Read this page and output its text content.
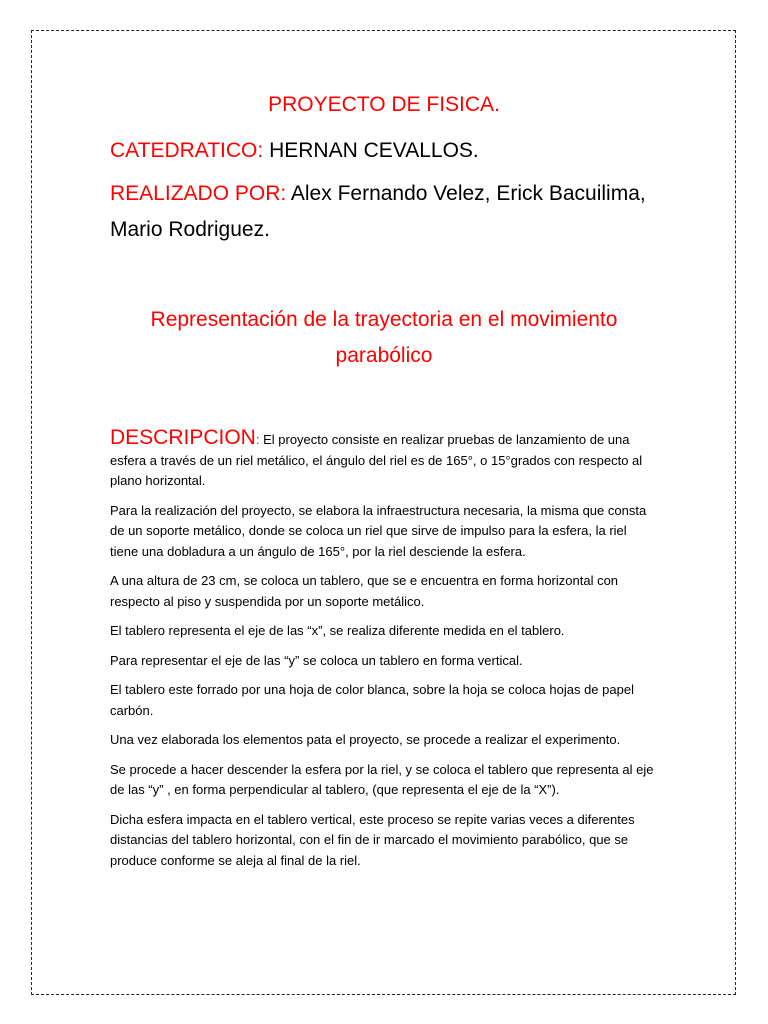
PROYECTO DE FISICA.
CATEDRATICO: HERNAN CEVALLOS.
REALIZADO POR: Alex Fernando Velez, Erick Bacuilima, Mario Rodriguez.
Representación de la trayectoria en el movimiento parabólico

DESCRIPCION: El proyecto consiste en realizar pruebas de lanzamiento de una esfera a través de un riel metálico, el ángulo del riel es de 165°, o 15°grados con respecto al plano horizontal.

Para la realización del proyecto, se elabora la infraestructura necesaria, la misma que consta de un soporte metálico, donde se coloca un riel que sirve de impulso para la esfera, la riel tiene una dobladura a un ángulo de 165°, por la riel desciende la esfera.

A una altura de 23 cm, se coloca un tablero, que se e encuentra en forma horizontal con respecto al piso y suspendida por un soporte metálico.

El tablero representa el eje de las “x”, se realiza diferente medida en el tablero.

Para representar el eje de las “y” se coloca un tablero en forma vertical.

El tablero este forrado por una hoja de color blanca, sobre la hoja se coloca hojas de papel carbón.

Una vez elaborada los elementos pata el proyecto, se procede a realizar el experimento.

Se procede a hacer descender la esfera por la riel, y se coloca el tablero que representa al eje de las “y” , en forma perpendicular al tablero, (que representa el eje de la “X”).

Dicha esfera impacta en el tablero vertical, este proceso se repite varias veces a diferentes distancias del tablero horizontal, con el fin de ir marcado el movimiento parabólico, que se produce conforme se aleja al final de la riel.
